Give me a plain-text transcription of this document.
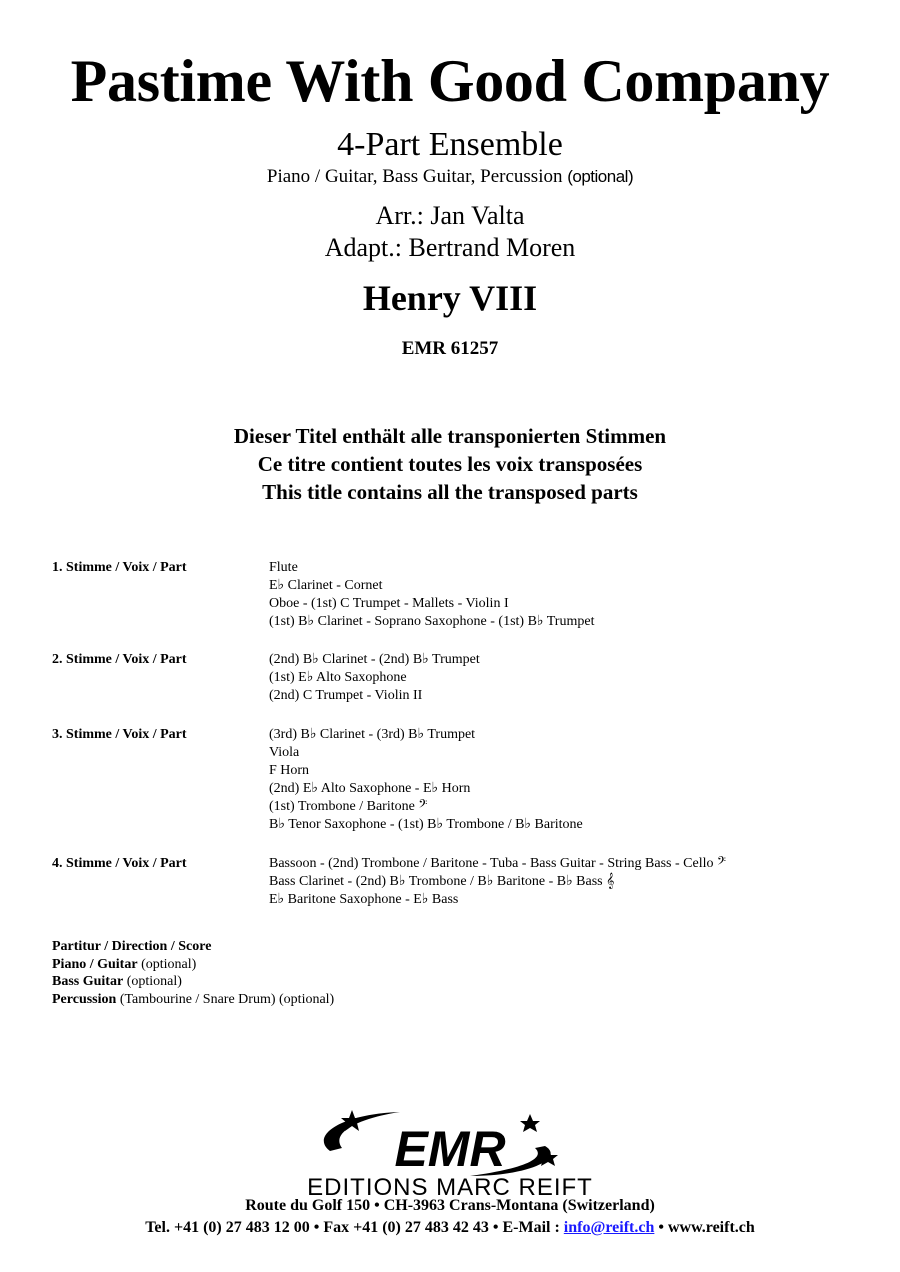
Pastime With Good Company
4-Part Ensemble
Piano / Guitar, Bass Guitar, Percussion (optional)
Arr.: Jan Valta
Adapt.: Bertrand Moren
Henry VIII
EMR 61257
Dieser Titel enthält alle transponierten Stimmen
Ce titre contient toutes les voix transposées
This title contains all the transposed parts
1. Stimme / Voix / Part	Flute
E♭ Clarinet - Cornet
Oboe - (1st) C Trumpet - Mallets - Violin I
(1st) B♭ Clarinet - Soprano Saxophone - (1st) B♭ Trumpet
2. Stimme / Voix / Part	(2nd) B♭ Clarinet - (2nd) B♭ Trumpet
(1st) E♭ Alto Saxophone
(2nd) C Trumpet - Violin II
3. Stimme / Voix / Part	(3rd) B♭ Clarinet - (3rd) B♭ Trumpet
Viola
F Horn
(2nd) E♭ Alto Saxophone - E♭ Horn
(1st) Trombone / Baritone 𝄢
B♭ Tenor Saxophone - (1st) B♭ Trombone / B♭ Baritone
4. Stimme / Voix / Part	Bassoon - (2nd) Trombone / Baritone - Tuba - Bass Guitar - String Bass - Cello 𝄢
Bass Clarinet - (2nd) B♭ Trombone / B♭ Baritone - B♭ Bass 𝄞
E♭ Baritone Saxophone - E♭ Bass
Partitur / Direction / Score
Piano / Guitar (optional)
Bass Guitar (optional)
Percussion (Tambourine / Snare Drum) (optional)
EMR
EDITIONS MARC REIFT
Route du Golf 150 • CH-3963 Crans-Montana (Switzerland)
Tel. +41 (0) 27 483 12 00 • Fax +41 (0) 27 483 42 43 • E-Mail : info@reift.ch • www.reift.ch
